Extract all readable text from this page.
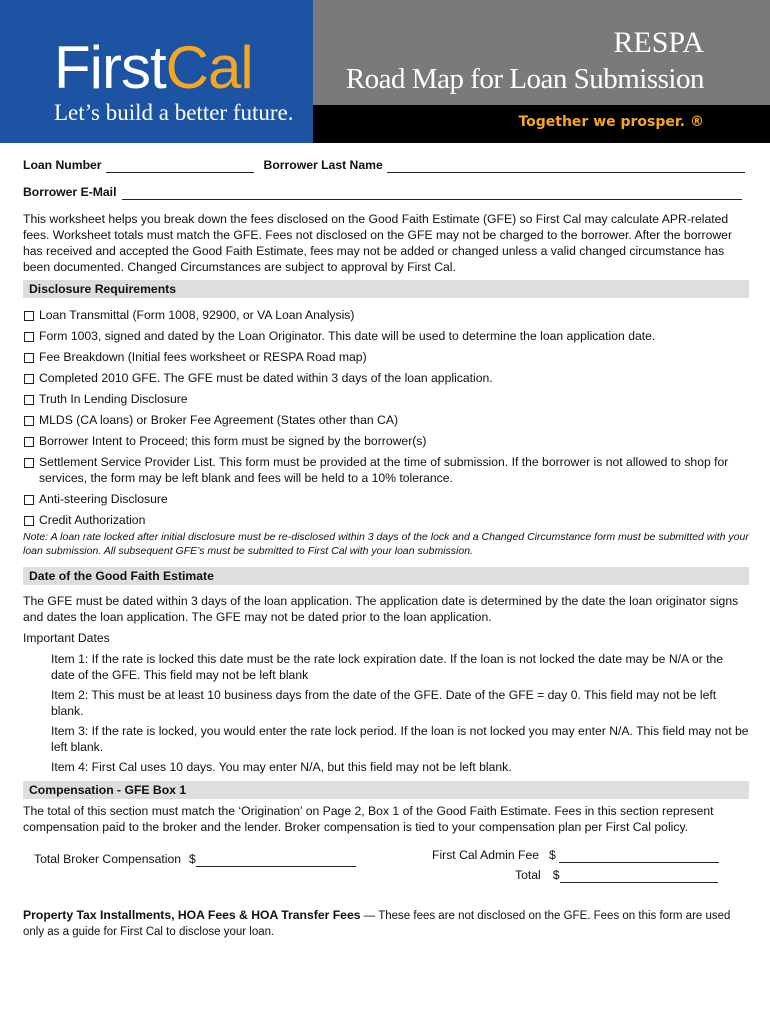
FirstCal
Let’s build a better future.
RESPA
Road Map for Loan Submission
Together we prosper. ®
Loan Number	Borrower Last Name
Borrower E-Mail

This worksheet helps you break down the fees disclosed on the Good Faith Estimate (GFE) so First Cal may calculate APR-related fees. Worksheet totals must match the GFE. Fees not disclosed on the GFE may not be charged to the borrower. After the borrower has received and accepted the Good Faith Estimate, fees may not be added or changed unless a valid changed circumstance has been documented. Changed Circumstances are subject to approval by First Cal.

Disclosure Requirements
Loan Transmittal (Form 1008, 92900, or VA Loan Analysis)
Form 1003, signed and dated by the Loan Originator. This date will be used to determine the loan application date.
Fee Breakdown (Initial fees worksheet or RESPA Road map)
Completed 2010 GFE. The GFE must be dated within 3 days of the loan application.
Truth In Lending Disclosure
MLDS (CA loans) or Broker Fee Agreement (States other than CA)
Borrower Intent to Proceed; this form must be signed by the borrower(s)
Settlement Service Provider List. This form must be provided at the time of submission. If the borrower is not allowed to shop for services, the form may be left blank and fees will be held to a 10% tolerance.
Anti-steering Disclosure
Credit Authorization

Note: A loan rate locked after initial disclosure must be re-disclosed within 3 days of the lock and a Changed Circumstance form must be submitted with your loan submission. All subsequent GFE’s must be submitted to First Cal with your loan submission.

Date of the Good Faith Estimate

The GFE must be dated within 3 days of the loan application. The application date is determined by the date the loan originator signs and dates the loan application. The GFE may not be dated prior to the loan application.

Important Dates

Item 1: If the rate is locked this date must be the rate lock expiration date. If the loan is not locked the date may be N/A or the date of the GFE. This field may not be left blank
Item 2: This must be at least 10 business days from the date of the GFE. Date of the GFE = day 0. This field may not be left blank.
Item 3: If the rate is locked, you would enter the rate lock period. If the loan is not locked you may enter N/A. This field may not be left blank.
Item 4: First Cal uses 10 days. You may enter N/A, but this field may not be left blank.
Compensation - GFE Box 1

The total of this section must match the ‘Origination’ on Page 2, Box 1 of the Good Faith Estimate. Fees in this section represent compensation paid to the broker and the lender. Broker compensation is tied to your compensation plan per First Cal policy.

Total Broker Compensation $	First Cal Admin Fee $
Total $

Property Tax Installments, HOA Fees & HOA Transfer Fees — These fees are not disclosed on the GFE. Fees on this form are used only as a guide for First Cal to disclose your loan.
